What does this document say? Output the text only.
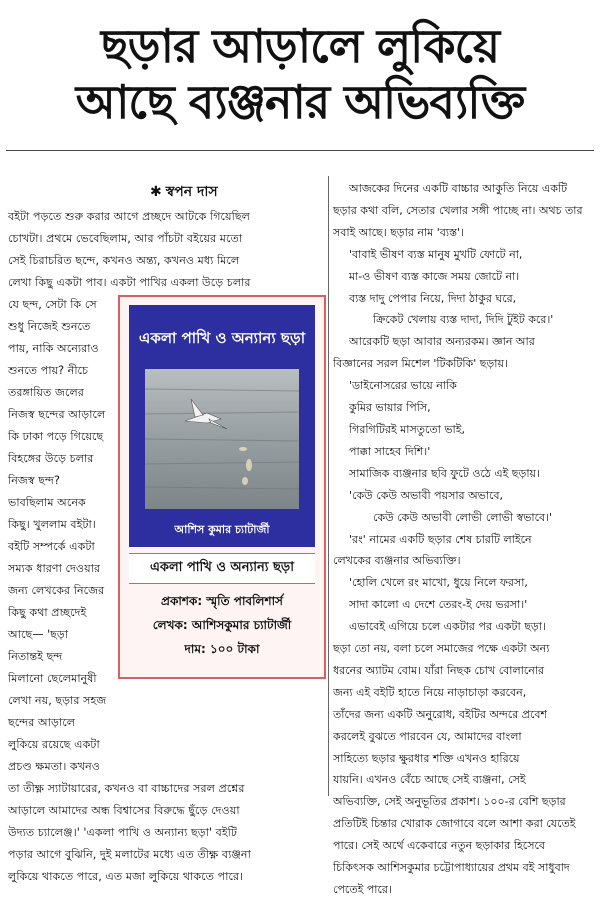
ছড়ার আড়ালে লুকিয়ে
আছে ব্যঞ্জনার অভিব্যক্তি
✱ স্বপন দাস
বইটা পড়তে শুরু করার আগে প্রচ্ছদে আটকে গিয়েছিল
চোখটা। প্রথমে ভেবেছিলাম, আর পাঁচটা বইয়ের মতো
সেই চিরাচরিত ছন্দে, কখনও অন্ত্য, কখনও মধ্য মিলে
লেখা কিছু একটা পাব। একটা পাখির একলা উড়ে চলার
যে ছন্দ, সেটা কি সে
শুধু নিজেই শুনতে
পায়, নাকি অন্যেরাও
শুনতে পায়? নীচে
তরঙ্গায়িত জলের
নিজস্ব ছন্দের আড়ালে
কি ঢাকা পড়ে গিয়েছে
বিহঙ্গের উড়ে চলার
নিজস্ব ছন্দ?
ভাবছিলাম অনেক
কিছু। খুললাম বইটা।
বইটি সম্পর্কে একটা
সম্যক ধারণা দেওয়ার
জন্য লেখকের নিজের
কিছু কথা প্রচ্ছদেই
আছে— 'ছড়া
নিতান্তই ছন্দ
মিলানো ছেলেমানুষী
লেখা নয়, ছড়ার সহজ
ছন্দের আড়ালে
লুকিয়ে রয়েছে একটা
প্রচণ্ড ক্ষমতা। কখনও
তা তীক্ষ্ণ স্যাটায়ারের, কখনও বা বাচ্চাদের সরল প্রশ্নের
আড়ালে আমাদের অন্ধ বিশ্বাসের বিরুদ্ধে ছুঁড়ে দেওয়া
উদ্যত চ্যালেঞ্জ।' 'একলা পাখি ও অন্যান্য ছড়া' বইটি
পড়ার আগে বুঝিনি, দুই মলাটের মধ্যে এত তীক্ষ্ণ ব্যঞ্জনা
লুকিয়ে থাকতে পারে, এত মজা লুকিয়ে থাকতে পারে।
আজকের দিনের একটি বাচ্চার আকুতি নিয়ে একটি
ছড়ার কথা বলি, সেতার খেলার সঙ্গী পাচ্ছে না। অথচ তার
সবাই আছে। ছড়ার নাম 'ব্যস্ত'।
'বাবাই ভীষণ ব্যস্ত মানুষ মুখটি ফোটে না,
মা-ও ভীষণ ব্যস্ত কাজে সময় জোটে না।
ব্যস্ত দাদু পেপার নিয়ে, দিদা ঠাকুর ঘরে,
ক্রিকেট খেলায় ব্যস্ত দাদা, দিদি টুইট করে।'
আরেকটি ছড়া আবার অন্যরকম। জ্ঞান আর
বিজ্ঞানের সরল মিশেল 'টিকটিকি' ছড়ায়।
'ডাইনোসরের ভায়ে নাকি
কুমির ভায়ার পিসি,
গিরগিটিরই মাসতুতো ভাই,
পাক্কা সাহেব দিশি।'
সামাজিক ব্যঞ্জনার ছবি ফুটে ওঠে এই ছড়ায়।
'কেউ কেউ অভাবী পয়সার অভাবে,
কেউ কেউ অভাবী লোভী লোভী স্বভাবে।'
'রং' নামের একটি ছড়ার শেষ চারটি লাইনে
লেখকের ব্যঞ্জনার অভিব্যক্তি।
'হোলি খেলে রং মাখো, ধুয়ে নিলে ফরসা,
সাদা কালো এ দেশে তেরং-ই দেয় ভরসা।'
এভাবেই এগিয়ে চলে একটার পর একটা ছড়া।
ছড়া তো নয়, বলা চলে সমাজের পক্ষে একটা অন্য
ধরনের অ্যাটম বোম। যাঁরা নিছক চোখ বোলানোর
জন্য এই বইটি হাতে নিয়ে নাড়াচাড়া করবেন,
তাঁদের জন্য একটি অনুরোধ, বইটির অন্দরে প্রবেশ
করলেই বুঝতে পারবেন যে, আমাদের বাংলা
সাহিত্যে ছড়ার ক্ষুরধার শক্তি এখনও হারিয়ে
যায়নি। এখনও বেঁচে আছে সেই ব্যঞ্জনা, সেই
অভিব্যক্তি, সেই অনুভূতির প্রকাশ। ১০০-র বেশি ছড়ার
প্রতিটিই চিন্তার খোরাক জোগাবে বলে আশা করা যেতেই
পারে। সেই অর্থে একেবারে নতুন ছড়াকার হিসেবে
চিকিৎসক আশিসকুমার চট্টোপাধ্যায়ের প্রথম বই সাধুবাদ
পেতেই পারে।
একলা পাখি ও অন্যান্য ছড়া
আশিস কুমার চ্যাটার্জী
একলা পাখি ও অন্যান্য ছড়া
প্রকাশক: স্মৃতি পাবলিশার্স
লেখক: আশিসকুমার চ্যাটার্জী
দাম: ১০০ টাকা
